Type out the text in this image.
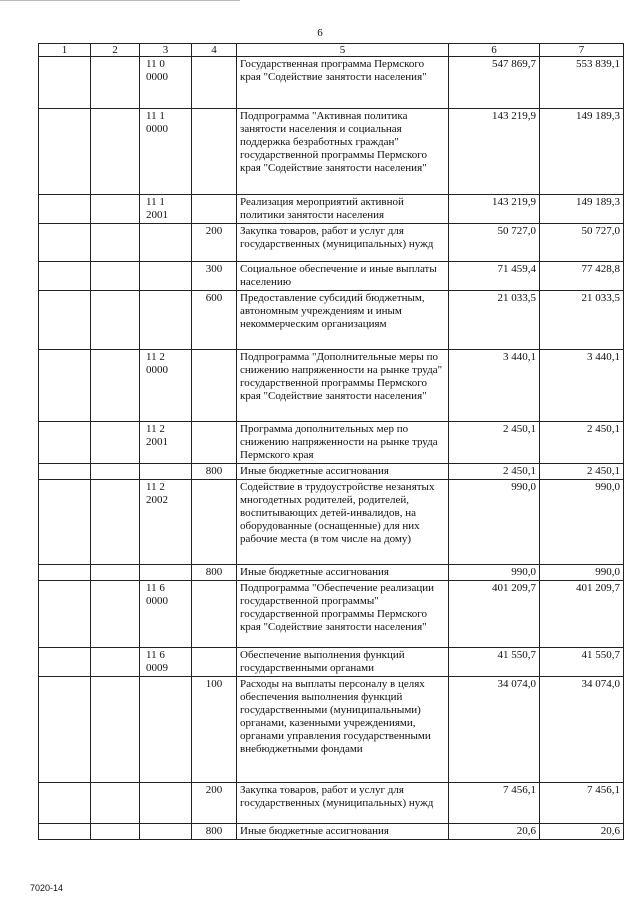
6
1	2	3	4	5	6	7
		11 0 0000		Государственная программа Пермского края "Содействие занятости населения"	547 869,7	553 839,1
		11 1 0000		Подпрограмма "Активная политика занятости населения и социальная поддержка безработных граждан" государственной программы Пермского края "Содействие занятости населения"	143 219,9	149 189,3
		11 1 2001		Реализация мероприятий активной политики занятости населения	143 219,9	149 189,3
			200	Закупка товаров, работ и услуг для государственных (муниципальных) нужд	50 727,0	50 727,0
			300	Социальное обеспечение и иные выплаты населению	71 459,4	77 428,8
			600	Предоставление субсидий бюджетным, автономным учреждениям и иным некоммерческим организациям	21 033,5	21 033,5
		11 2 0000		Подпрограмма "Дополнительные меры по снижению напряженности на рынке труда" государственной программы Пермского края "Содействие занятости населения"	3 440,1	3 440,1
		11 2 2001		Программа дополнительных мер по снижению напряженности на рынке труда Пермского края	2 450,1	2 450,1
			800	Иные бюджетные ассигнования	2 450,1	2 450,1
		11 2 2002		Содействие в трудоустройстве незанятых многодетных родителей, родителей, воспитывающих детей-инвалидов, на оборудованные (оснащенные) для них рабочие места (в том числе на дому)	990,0	990,0
			800	Иные бюджетные ассигнования	990,0	990,0
		11 6 0000		Подпрограмма "Обеспечение реализации государственной программы" государственной программы Пермского края "Содействие занятости населения"	401 209,7	401 209,7
		11 6 0009		Обеспечение выполнения функций государственными органами	41 550,7	41 550,7
			100	Расходы на выплаты персоналу в целях обеспечения выполнения функций государственными (муниципальными) органами, казенными учреждениями, органами управления государственными внебюджетными фондами	34 074,0	34 074,0
			200	Закупка товаров, работ и услуг для государственных (муниципальных) нужд	7 456,1	7 456,1
			800	Иные бюджетные ассигнования	20,6	20,6
7020-14
